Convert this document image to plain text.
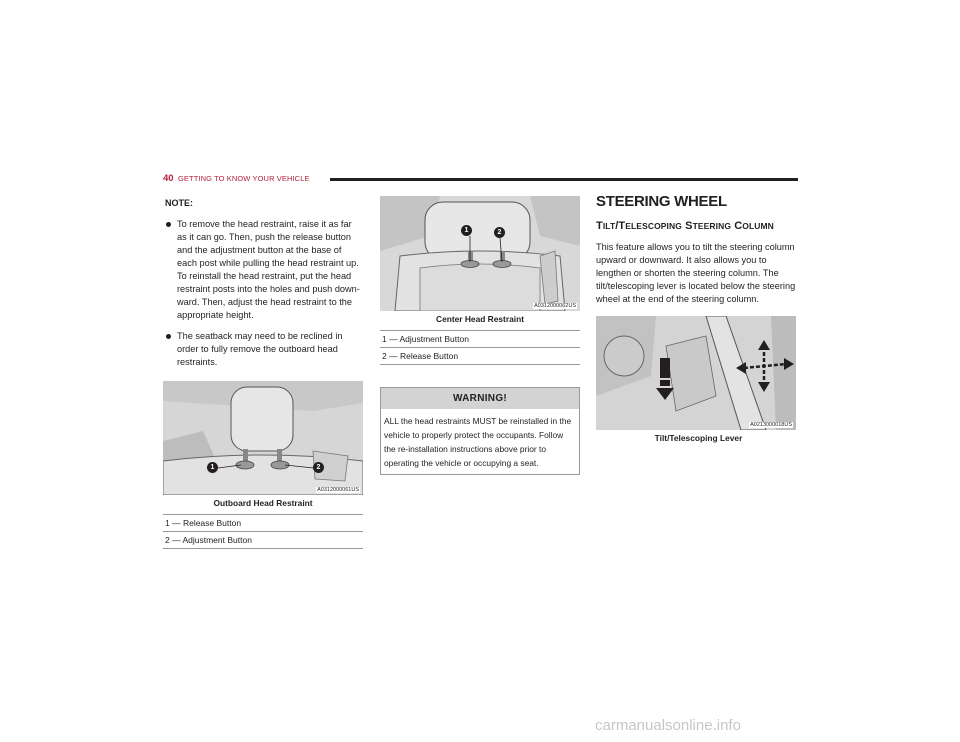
40 GETTING TO KNOW YOUR VEHICLE
NOTE:
To remove the head restraint, raise it as far as it can go. Then, push the release button and the adjustment button at the base of each post while pulling the head restraint up. To reinstall the head restraint, put the head restraint posts into the holes and push down-ward. Then, adjust the head restraint to the appropriate height.
The seatback may need to be reclined in order to fully remove the outboard head restraints.
1	2
A0312000061US
Outboard Head Restraint
1 — Release Button
2 — Adjustment Button
1	2
A0312000062US
Center Head Restraint
1 — Adjustment Button
2 — Release Button
WARNING!
ALL the head restraints MUST be reinstalled in the vehicle to properly protect the occupants. Follow the re-installation instructions above prior to operating the vehicle or occupying a seat.
STEERING WHEEL
TILT/TELESCOPING STEERING COLUMN
This feature allows you to tilt the steering column upward or downward. It also allows you to lengthen or shorten the steering column. The tilt/telescoping lever is located below the steering wheel at the end of the steering column.
A0213000018US
Tilt/Telescoping Lever
carmanualsonline.info
